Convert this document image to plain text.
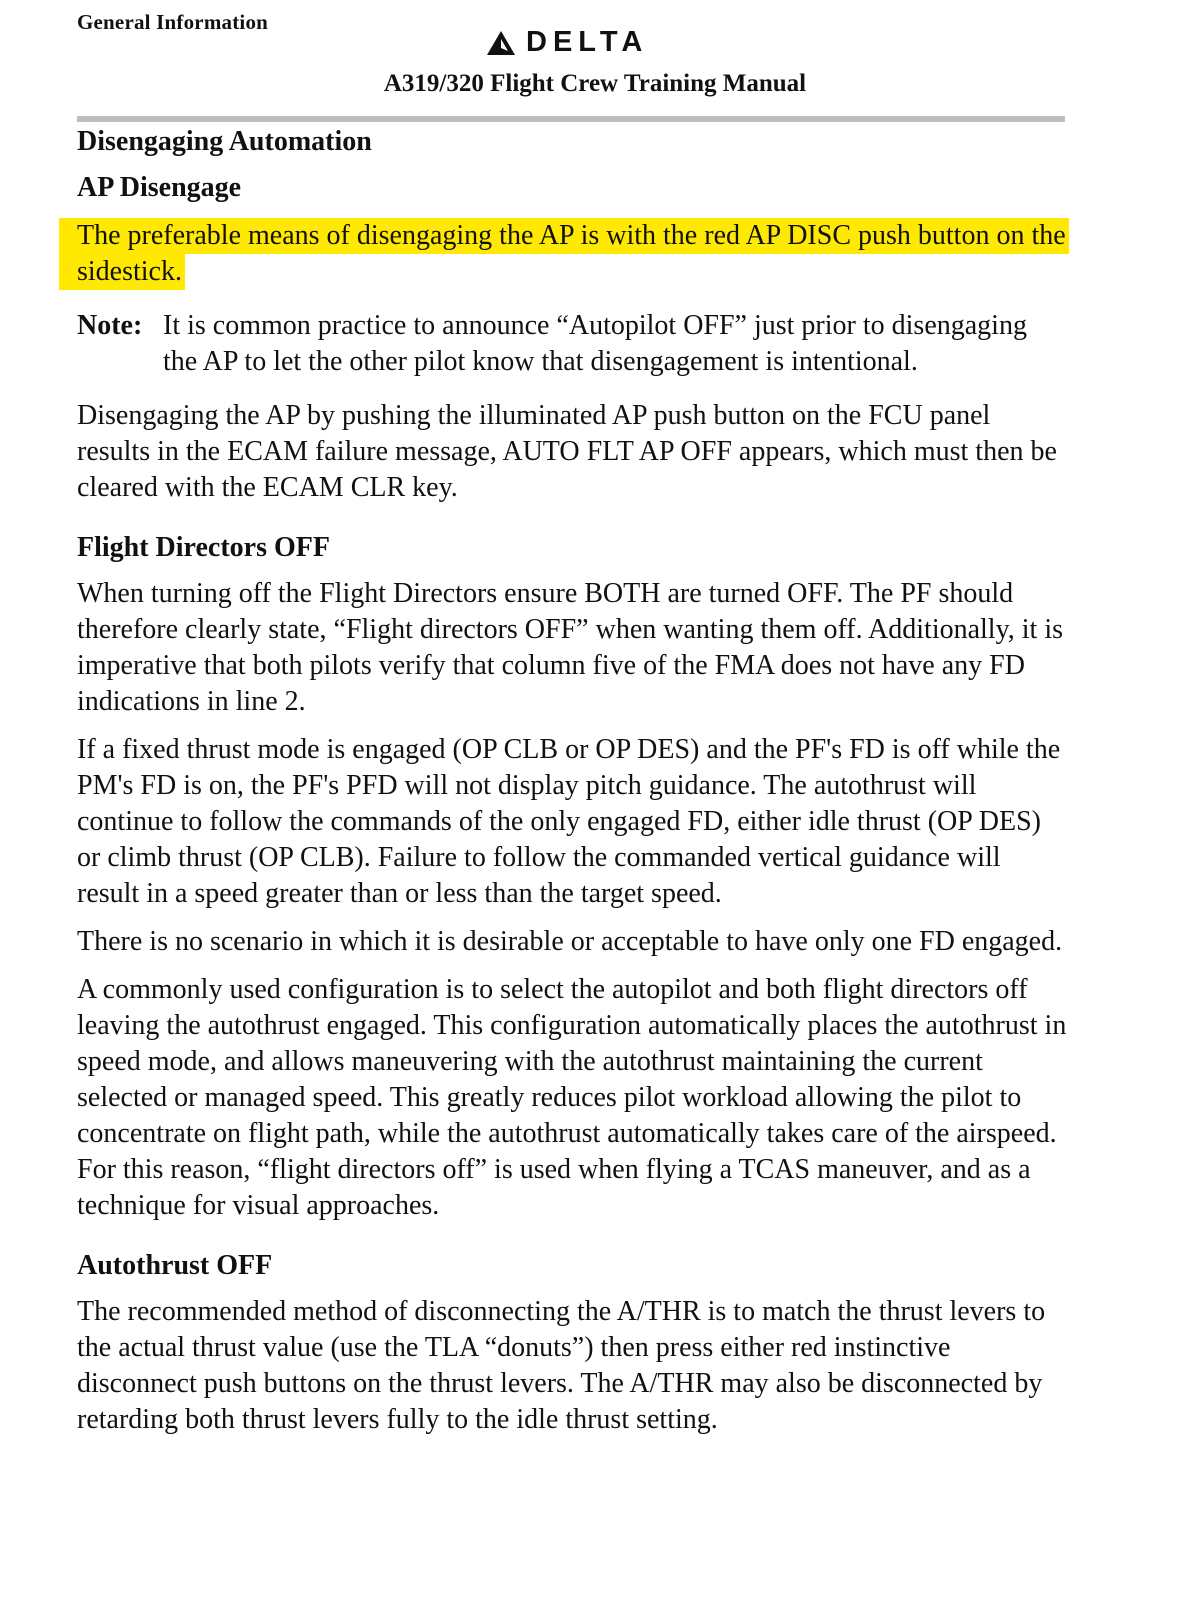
General Information
DELTA
A319/320 Flight Crew Training Manual
Disengaging Automation
AP Disengage

The preferable means of disengaging the AP is with the red AP DISC push button on the sidestick.

Note: It is common practice to announce “Autopilot OFF” just prior to disengaging the AP to let the other pilot know that disengagement is intentional.

Disengaging the AP by pushing the illuminated AP push button on the FCU panel results in the ECAM failure message, AUTO FLT AP OFF appears, which must then be cleared with the ECAM CLR key.

Flight Directors OFF

When turning off the Flight Directors ensure BOTH are turned OFF. The PF should therefore clearly state, “Flight directors OFF” when wanting them off. Additionally, it is imperative that both pilots verify that column five of the FMA does not have any FD indications in line 2.

If a fixed thrust mode is engaged (OP CLB or OP DES) and the PF's FD is off while the PM's FD is on, the PF's PFD will not display pitch guidance. The autothrust will continue to follow the commands of the only engaged FD, either idle thrust (OP DES) or climb thrust (OP CLB). Failure to follow the commanded vertical guidance will result in a speed greater than or less than the target speed.

There is no scenario in which it is desirable or acceptable to have only one FD engaged.

A commonly used configuration is to select the autopilot and both flight directors off leaving the autothrust engaged. This configuration automatically places the autothrust in speed mode, and allows maneuvering with the autothrust maintaining the current selected or managed speed. This greatly reduces pilot workload allowing the pilot to concentrate on flight path, while the autothrust automatically takes care of the airspeed. For this reason, “flight directors off” is used when flying a TCAS maneuver, and as a technique for visual approaches.

Autothrust OFF

The recommended method of disconnecting the A/THR is to match the thrust levers to the actual thrust value (use the TLA “donuts”) then press either red instinctive disconnect push buttons on the thrust levers. The A/THR may also be disconnected by retarding both thrust levers fully to the idle thrust setting.
